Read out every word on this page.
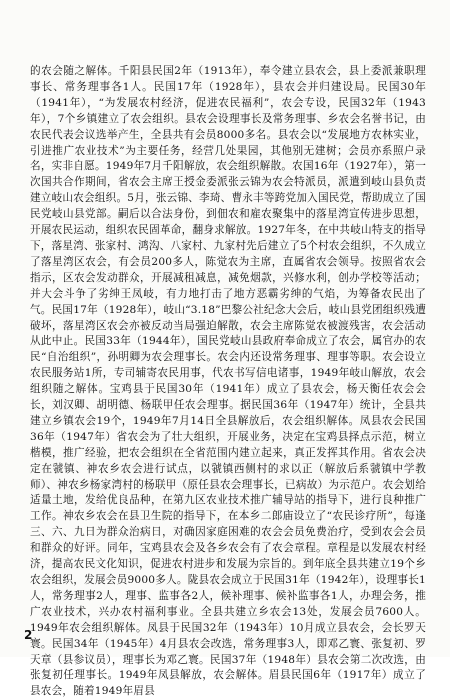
的农会随之解体。千阳县民国2年（1913年），奉令建立县农会，县上委派兼职理事长、常务理事各1人。民国17年（1928年），县农会并归建设局。民国30年（1941年），“为发展农村经济，促进农民福利”，农会专设，民国32年（1943年），7个乡镇建立了农会组织。县农会设理事长及常务理事、乡农会名誉书记，由农民代表会议选举产生，全县共有会员8000多名。县农会以“发展地方农林实业，引进推广农业技术”为主要任务，经营几处果园，其他别无建树；会员亦系照户录名，实非自愿。1949年7月千阳解放，农会组织解散。农国16年（1927年），第一次国共合作期间，省农会主席王授金委派张云锦为农会特派员，派遣到岐山县负责建立岐山农会组织。5月，张云锦、李琦、曹永丰等跨党加入国民党，帮助成立了国民党岐山县党部。嗣后以合法身份，到佃农和雇农聚集中的落星湾宣传进步思想，开展农民运动，组织农民固革命，翻身求解放。1927年冬，在中共岐山特支的指导下，落星湾、张家村、鸿沟、八家村、九家村先后建立了5个村农会组织，不久成立了落星湾区农会，有会员200多人，陈觉农为主席，直属省农会领导。按照省农会指示，区农会发动群众，开展减租减息，减免烟款，兴修水利，创办学校等活动；并大会斗争了劣绅王凤岐，有力地打击了地方恶霸劣绅的气焰，为筹备农民出了气。民国17年（1928年），岐山“3.18”巴黎公社纪念大会后，岐山县党团组织残遭破坏，落星湾区农会亦被反动当局强迫解散，农会主席陈觉农被渡残害，农会活动从此中止。民国33年（1944年），国民党岐山县政府奉命成立了农会，属官办的农民“自治组织”，孙明卿为农会理事长。农会内还设常务理事、理事等职。农会设立农民服务站1所，专司辅寄农民用事，代农书写信电诸事，1949年岐山解放，农会组织随之解体。宝鸡县于民国30年（1941年）成立了县农会，杨天衡任农会会长，刘汉卿、胡明德、杨联甲任农会理事。据民国36年（1947年）统计，全县共建立乡镇农会19个，1949年7月14日全县解放后，农会组织解体。凤县农会民国36年（1947年）省农会为了壮大组织，开展业务，决定在宝鸡县择点示范，树立楷模，推广经验，把农会组织在全省范围内建立起来，真正发挥其作用。省农会决定在虢镇、神农乡农会进行试点，以虢镇西侧村的求以正（解放后系虢镇中学教师）、神农乡杨家湾村的杨联甲（原任县农会理事长，已病故）为示范户。农会划给适量土地，发给优良品种，在第九区农业技术推广辅导站的指导下，进行良种推广工作。神农乡农会在县卫生院的指导下，在本乡二郎庙设立了“农民诊疗所”，每逢三、六、九日为群众治病日，对确因家庭困难的农会会员免费治疗，受到农会会员和群众的好评。同年，宝鸡县农会及各乡农会有了农会章程。章程是以发展农村经济，提高农民文化知识，促进农村进步和发展为宗旨的。到年底全县共建立19个乡农会组织，发展会员9000多人。陇县农会成立于民国31年（1942年），设理事长1人，常务理事2人，理事、监事各2人，候补理事、候补监事各1人，办理会务，推广农业技术，兴办农村福利事业。全县共建立乡农会13处，发展会员7600人。1949年农会组织解体。凤县于民国32年（1943年）10月成立县农会，会长罗天寰。民国34年（1945年）4月县农会改选，常务理事3人，即邓乙寰、张复初、罗天章（县参议员），理事长为邓乙寰。民国37年（1948年）县农会第二次改选，由张复初任理事长。1949年凤县解放，农会解体。眉县民国6年（1917年）成立了县农会，随着1949年眉县

2
